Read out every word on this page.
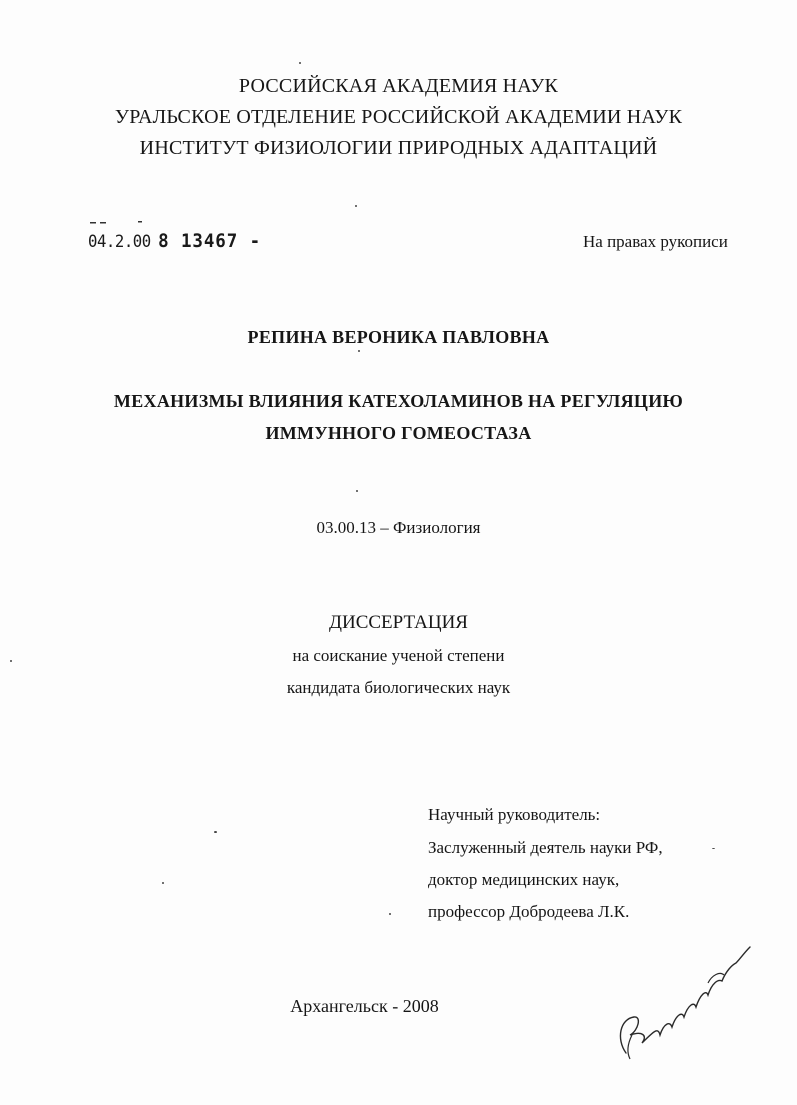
РОССИЙСКАЯ АКАДЕМИЯ НАУК
УРАЛЬСКОЕ ОТДЕЛЕНИЕ РОССИЙСКОЙ АКАДЕМИИ НАУК
ИНСТИТУТ ФИЗИОЛОГИИ ПРИРОДНЫХ АДАПТАЦИЙ
04.2.00 8 13467 -	На правах рукописи
РЕПИНА ВЕРОНИКА ПАВЛОВНА
МЕХАНИЗМЫ ВЛИЯНИЯ КАТЕХОЛАМИНОВ НА РЕГУЛЯЦИЮ
ИММУННОГО ГОМЕОСТАЗА
03.00.13 – Физиология
ДИССЕРТАЦИЯ
на соискание ученой степени
кандидата биологических наук
Научный руководитель:
Заслуженный деятель науки РФ,
доктор медицинских наук,
профессор Добродеева Л.К.
Архангельск - 2008
